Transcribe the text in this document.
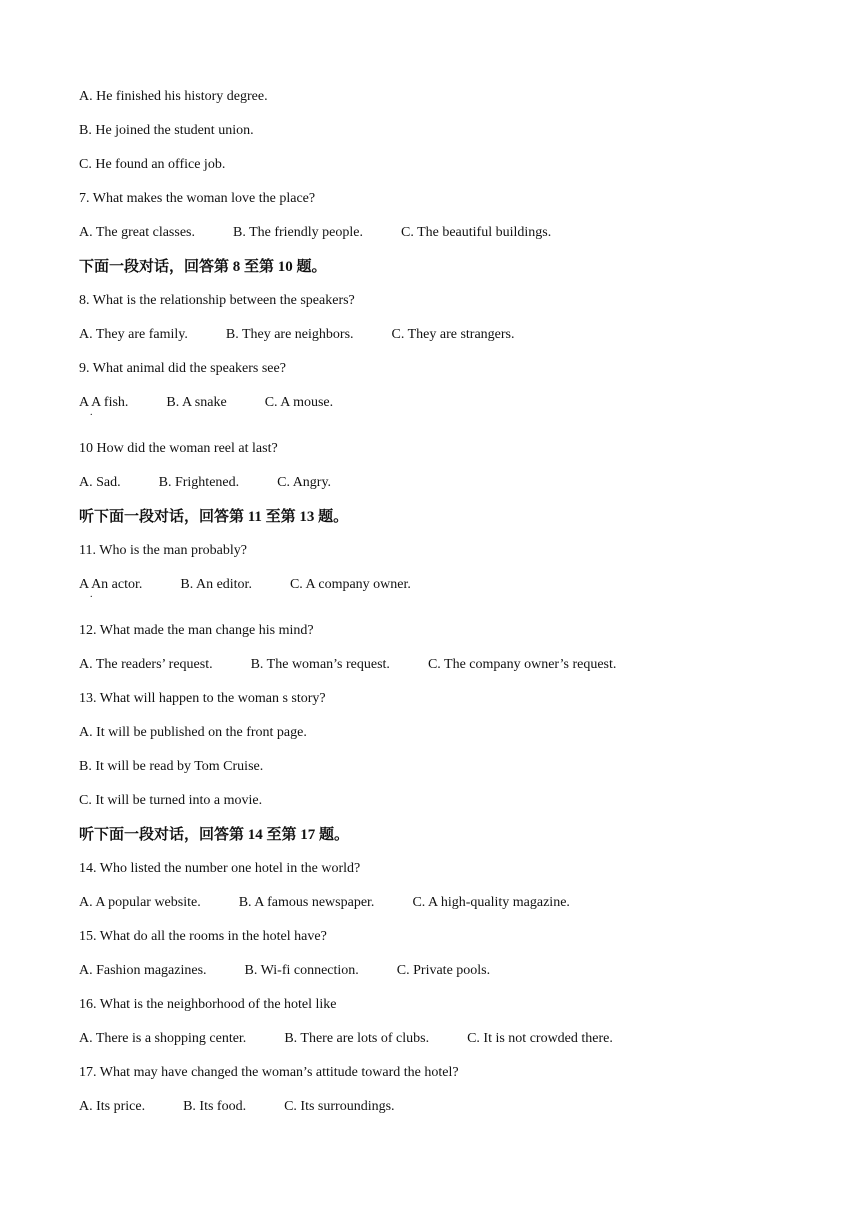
A. He finished his history degree.
B. He joined the student union.
C. He found an office job.
7. What makes the woman love the place?
A. The great classes.	B. The friendly people.	C. The beautiful buildings.
下面一段对话，回答第 8 至第 10 题。
8. What is the relationship between the speakers?
A. They are family.	B. They are neighbors.	C. They are strangers.
9. What animal did the speakers see?
A A fish. .	B. A snake	C. A mouse.
10 How did the woman reel at last?
A. Sad.	B. Frightened.	C. Angry.
听下面一段对话，回答第 11 至第 13 题。
11. Who is the man probably?
A An actor. .	B. An editor.	C. A company owner.
12. What made the man change his mind?
A. The readers’ request.	B. The woman’s request.	C. The company owner’s request.
13. What will happen to the woman s story?
A. It will be published on the front page.
B. It will be read by Tom Cruise.
C. It will be turned into a movie.
听下面一段对话，回答第 14 至第 17 题。
14. Who listed the number one hotel in the world?
A. A popular website.	B. A famous newspaper.	C. A high-quality magazine.
15. What do all the rooms in the hotel have?
A. Fashion magazines.	B. Wi-fi connection.	C. Private pools.
16. What is the neighborhood of the hotel like
A. There is a shopping center.	B. There are lots of clubs.	C. It is not crowded there.
17. What may have changed the woman’s attitude toward the hotel?
A. Its price.	B. Its food.	C. Its surroundings.
